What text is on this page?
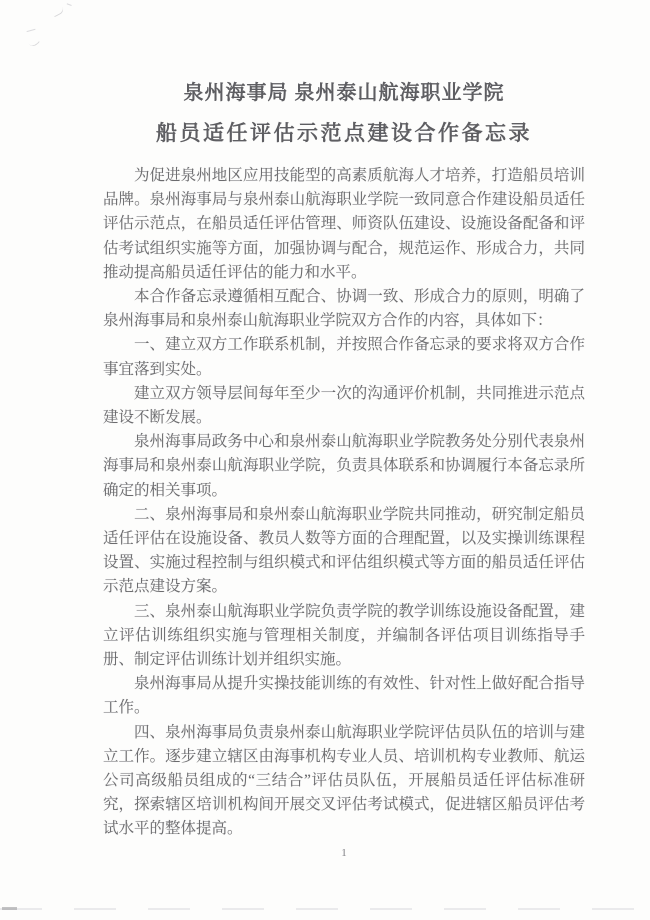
泉州海事局 泉州泰山航海职业学院
船员适任评估示范点建设合作备忘录

为促进泉州地区应用技能型的高素质航海人才培养，打造船员培训品牌。泉州海事局与泉州泰山航海职业学院一致同意合作建设船员适任评估示范点，在船员适任评估管理、师资队伍建设、设施设备配备和评估考试组织实施等方面，加强协调与配合，规范运作、形成合力，共同推动提高船员适任评估的能力和水平。

本合作备忘录遵循相互配合、协调一致、形成合力的原则，明确了泉州海事局和泉州泰山航海职业学院双方合作的内容，具体如下：

一、建立双方工作联系机制，并按照合作备忘录的要求将双方合作事宜落到实处。

建立双方领导层间每年至少一次的沟通评价机制，共同推进示范点建设不断发展。

泉州海事局政务中心和泉州泰山航海职业学院教务处分别代表泉州海事局和泉州泰山航海职业学院，负责具体联系和协调履行本备忘录所确定的相关事项。

二、泉州海事局和泉州泰山航海职业学院共同推动，研究制定船员适任评估在设施设备、教员人数等方面的合理配置，以及实操训练课程设置、实施过程控制与组织模式和评估组织模式等方面的船员适任评估示范点建设方案。

三、泉州泰山航海职业学院负责学院的教学训练设施设备配置，建立评估训练组织实施与管理相关制度，并编制各评估项目训练指导手册、制定评估训练计划并组织实施。

泉州海事局从提升实操技能训练的有效性、针对性上做好配合指导工作。

四、泉州海事局负责泉州泰山航海职业学院评估员队伍的培训与建立工作。逐步建立辖区由海事机构专业人员、培训机构专业教师、航运公司高级船员组成的“三结合”评估员队伍，开展船员适任评估标准研究，探索辖区培训机构间开展交叉评估考试模式，促进辖区船员评估考试水平的整体提高。

1
